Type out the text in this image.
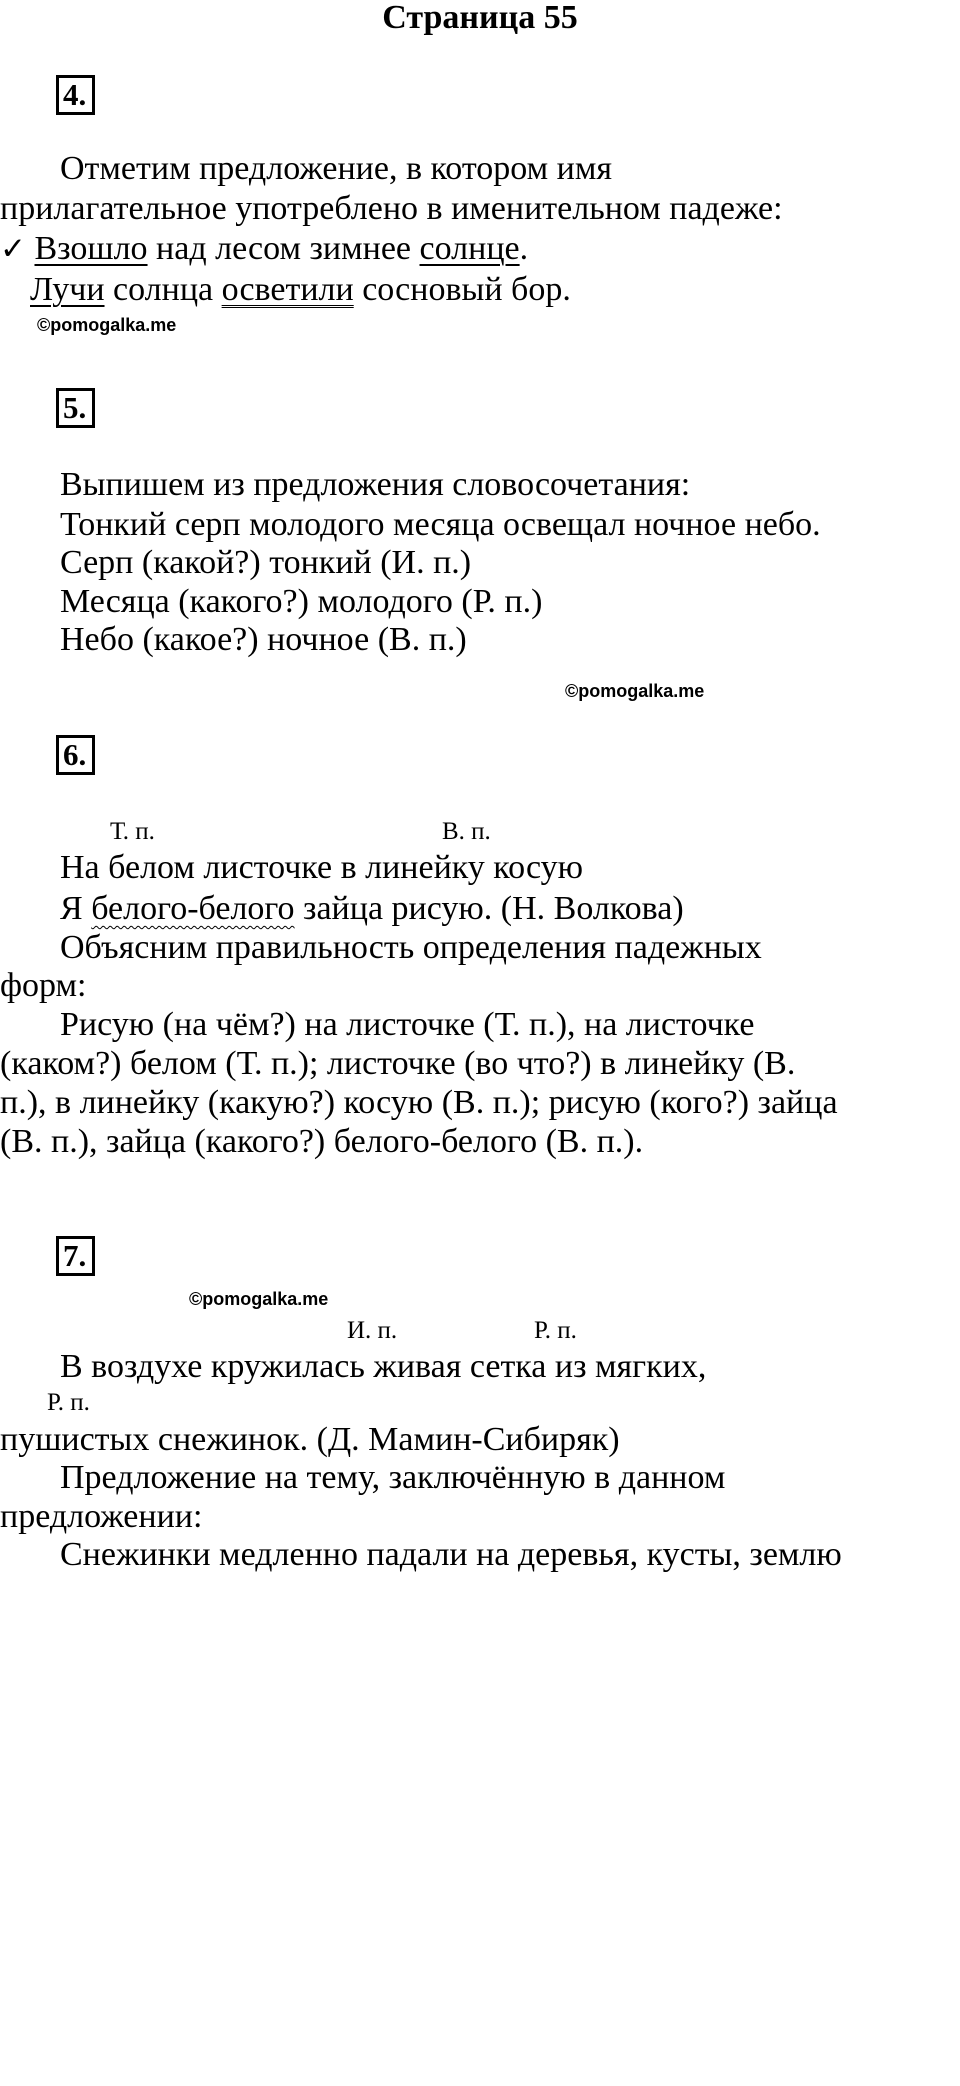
Страница 55
4.
Отметим предложение, в котором имя
прилагательное употреблено в именительном падеже:
✓ Взошло над лесом зимнее солнце.
Лучи солнца осветили сосновый бор.
©pomogalka.me
5.
Выпишем из предложения словосочетания:
Тонкий серп молодого месяца освещал ночное небо.
Серп (какой?) тонкий (И. п.)
Месяца (какого?) молодого (Р. п.)
Небо (какое?) ночное (В. п.)
©pomogalka.me
6.
Т. п.	В. п.
На белом листочке в линейку косую
Я белого-белого зайца рисую. (Н. Волкова)
Объясним правильность определения падежных
форм:
Рисую (на чём?) на листочке (Т. п.), на листочке
(каком?) белом (Т. п.); листочке (во что?) в линейку (В.
п.), в линейку (какую?) косую (В. п.); рисую (кого?) зайца
(В. п.), зайца (какого?) белого-белого (В. п.).
7.
©pomogalka.me
И. п.	Р. п.
В воздухе кружилась живая сетка из мягких,
Р. п.
пушистых снежинок. (Д. Мамин-Сибиряк)
Предложение на тему, заключённую в данном
предложении:
Снежинки медленно падали на деревья, кусты, землю
